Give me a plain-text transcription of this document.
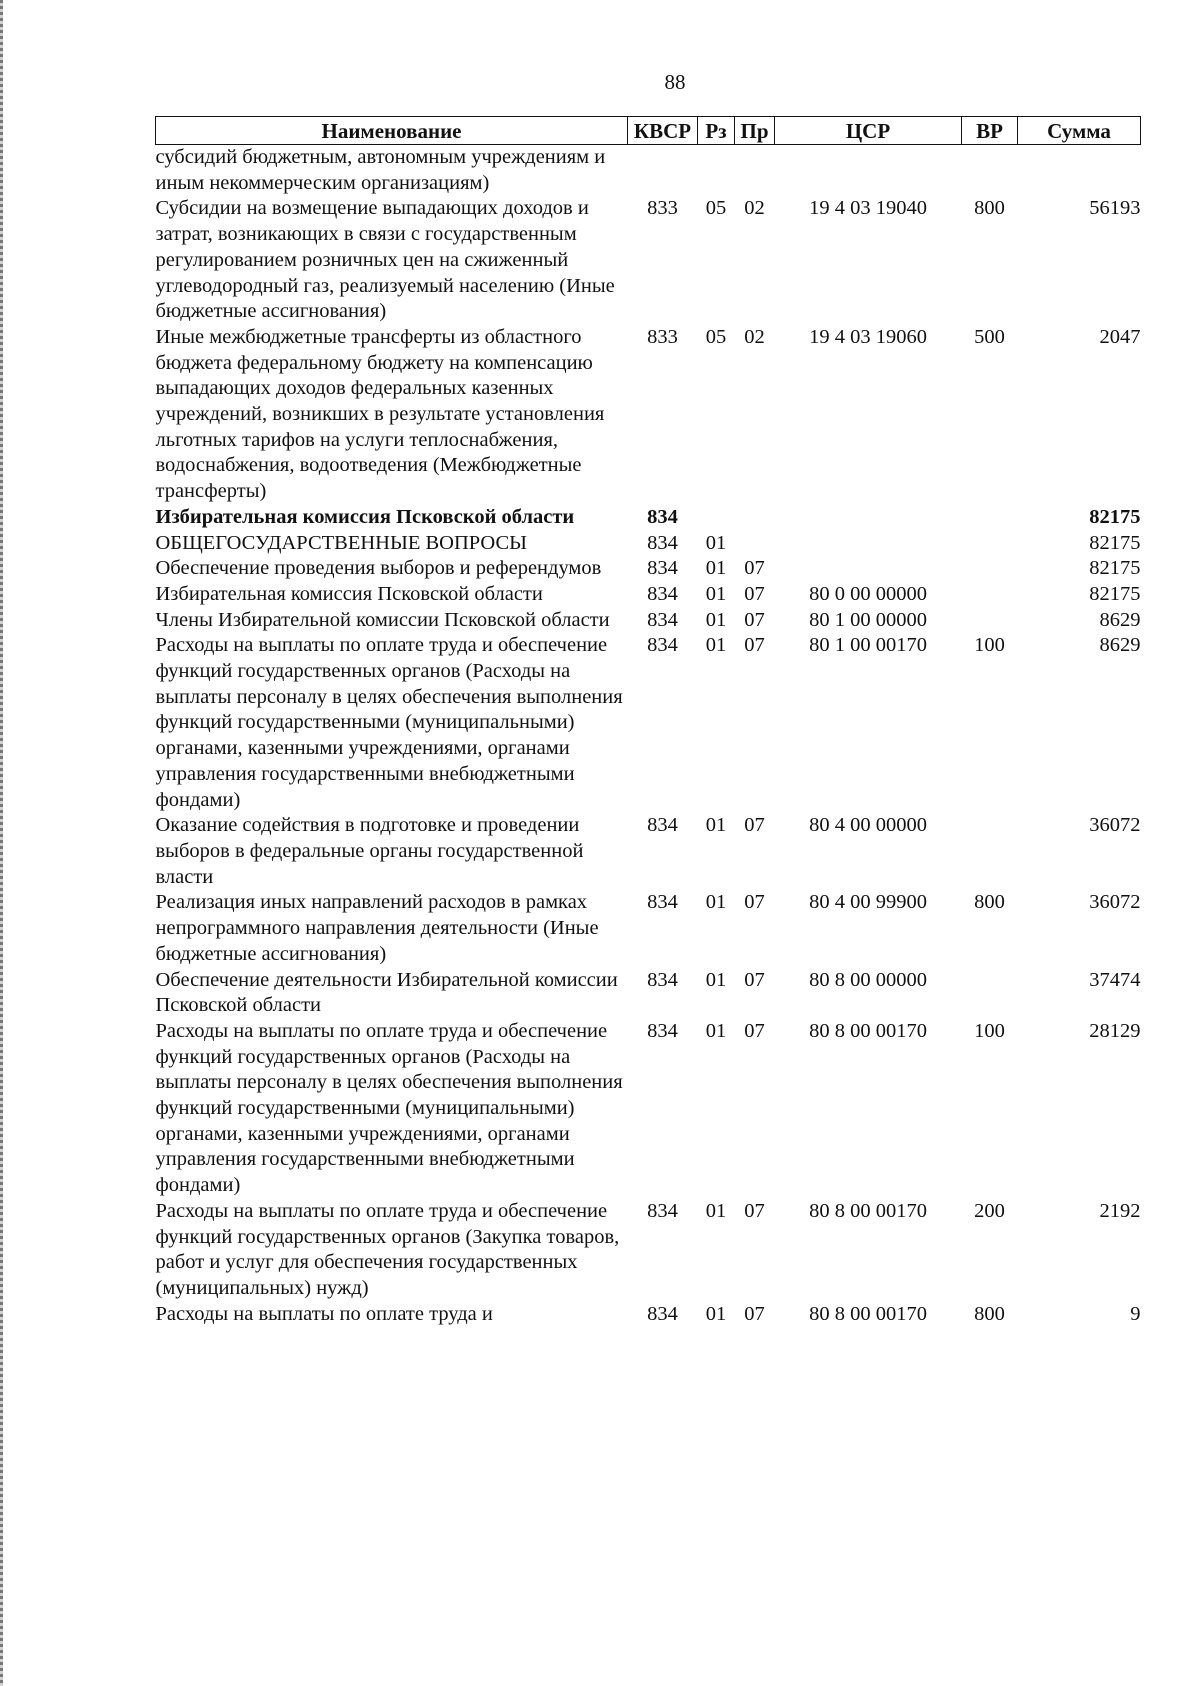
88
Наименование	КВСР	Рз	Пр	ЦСР	ВР	Сумма
субсидий бюджетным, автономным учреждениям и иным некоммерческим организациям)						
Субсидии на возмещение выпадающих доходов и затрат, возникающих в связи с государственным регулированием розничных цен на сжиженный углеводородный газ, реализуемый населению (Иные бюджетные ассигнования)	833	05	02	19 4 03 19040	800	56193
Иные межбюджетные трансферты из областного бюджета федеральному бюджету на компенсацию выпадающих доходов федеральных казенных учреждений, возникших в результате установления льготных тарифов на услуги теплоснабжения, водоснабжения, водоотведения (Межбюджетные трансферты)	833	05	02	19 4 03 19060	500	2047
Избирательная комиссия Псковской области	834					82175
ОБЩЕГОСУДАРСТВЕННЫЕ ВОПРОСЫ	834	01				82175
Обеспечение проведения выборов и референдумов	834	01	07			82175
Избирательная комиссия Псковской области	834	01	07	80 0 00 00000		82175
Члены Избирательной комиссии Псковской области	834	01	07	80 1 00 00000		8629
Расходы на выплаты по оплате труда и обеспечение функций государственных органов (Расходы на выплаты персоналу в целях обеспечения выполнения функций государственными (муниципальными) органами, казенными учреждениями, органами управления государственными внебюджетными фондами)	834	01	07	80 1 00 00170	100	8629
Оказание содействия в подготовке и проведении выборов в федеральные органы государственной власти	834	01	07	80 4 00 00000		36072
Реализация иных направлений расходов в рамках непрограммного направления деятельности (Иные бюджетные ассигнования)	834	01	07	80 4 00 99900	800	36072
Обеспечение деятельности Избирательной комиссии Псковской области	834	01	07	80 8 00 00000		37474
Расходы на выплаты по оплате труда и обеспечение функций государственных органов (Расходы на выплаты персоналу в целях обеспечения выполнения функций государственными (муниципальными) органами, казенными учреждениями, органами управления государственными внебюджетными фондами)	834	01	07	80 8 00 00170	100	28129
Расходы на выплаты по оплате труда и обеспечение функций государственных органов (Закупка товаров, работ и услуг для обеспечения государственных (муниципальных) нужд)	834	01	07	80 8 00 00170	200	2192
Расходы на выплаты по оплате труда и	834	01	07	80 8 00 00170	800	9
